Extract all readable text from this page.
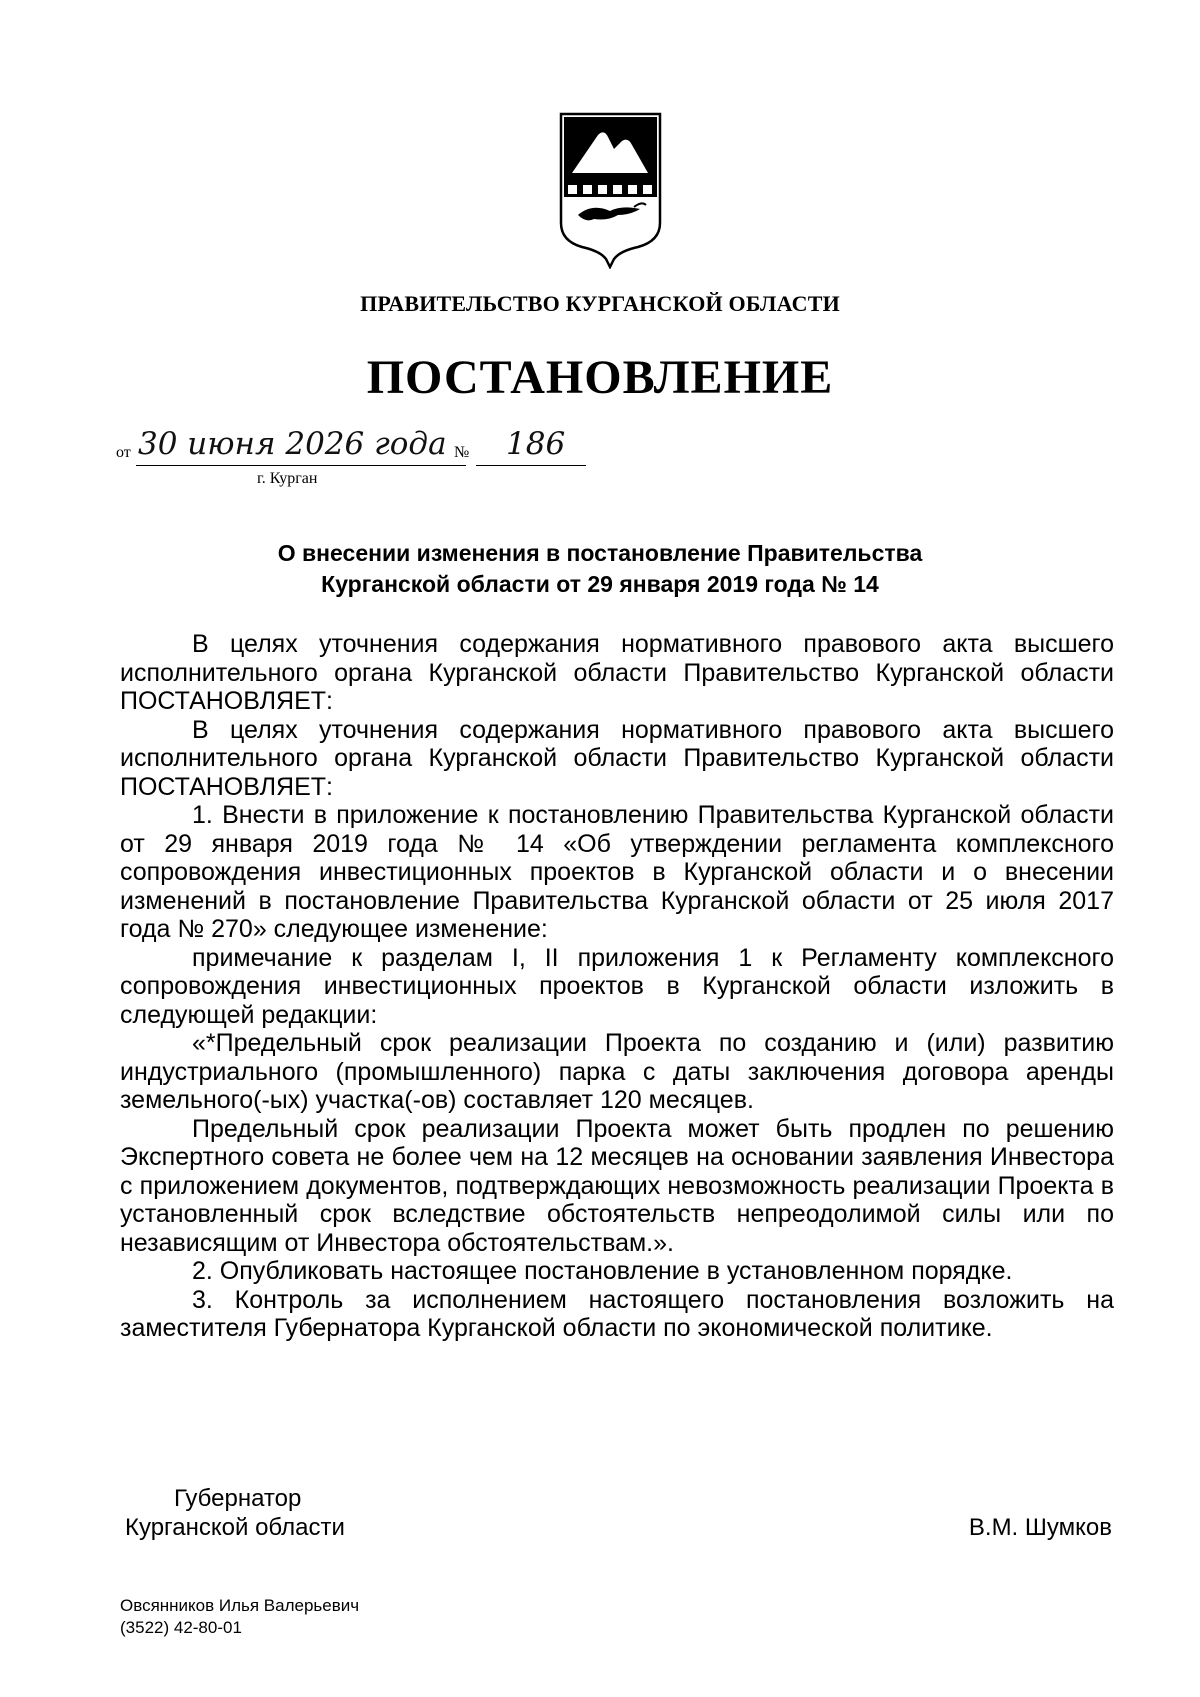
ПРАВИТЕЛЬСТВО КУРГАНСКОЙ ОБЛАСТИ
ПОСТАНОВЛЕНИЕ
от 30 июня 2026 года № 186
г. Курган
О внесении изменения в постановление Правительства
Курганской области от 29 января 2019 года № 14

В целях уточнения содержания нормативного правового акта высшего исполнительного органа Курганской области Правительство Курганской области ПОСТАНОВЛЯЕТ:

В целях уточнения содержания нормативного правового акта высшего исполнительного органа Курганской области Правительство Курганской области ПОСТАНОВЛЯЕТ:

1. Внести в приложение к постановлению Правительства Курганской области от 29 января 2019 года № 14 «Об утверждении регламента комплексного сопровождения инвестиционных проектов в Курганской области и о внесении изменений в постановление Правительства Курганской области от 25 июля 2017 года № 270» следующее изменение:

примечание к разделам I, II приложения 1 к Регламенту комплексного сопровождения инвестиционных проектов в Курганской области изложить в следующей редакции:

«*Предельный срок реализации Проекта по созданию и (или) развитию индустриального (промышленного) парка с даты заключения договора аренды земельного(-ых) участка(-ов) составляет 120 месяцев.

Предельный срок реализации Проекта может быть продлен по решению Экспертного совета не более чем на 12 месяцев на основании заявления Инвестора с приложением документов, подтверждающих невозможность реализации Проекта в установленный срок вследствие обстоятельств непреодолимой силы или по независящим от Инвестора обстоятельствам.».

2. Опубликовать настоящее постановление в установленном порядке.

3. Контроль за исполнением настоящего постановления возложить на заместителя Губернатора Курганской области по экономической политике.

Губернатор
Курганской области	В.М. Шумков
Овсянников Илья Валерьевич
(3522) 42-80-01
